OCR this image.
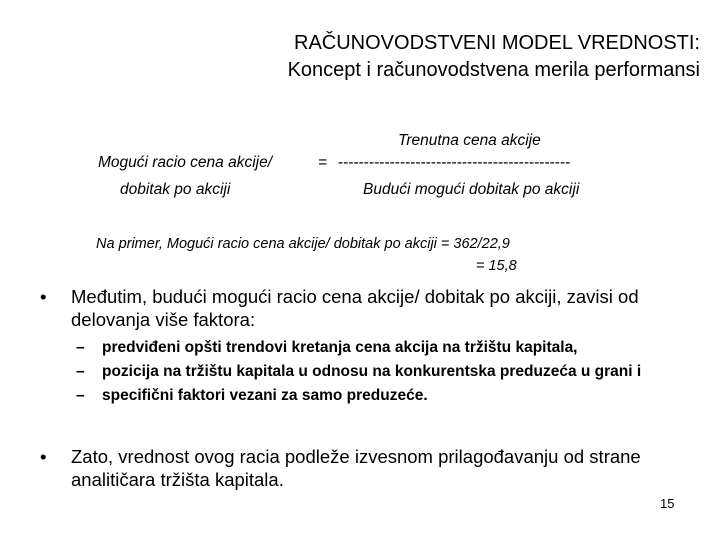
RAČUNOVODSTVENI MODEL VREDNOSTI:
Koncept i računovodstvena merila performansi
Trenutna cena akcije
Mogući racio cena akcije/	= ---------------------------------------------
dobitak po akciji	Budući mogući dobitak po akciji
Na primer, Mogući racio cena akcije/ dobitak po akciji = 362/22,9
= 15,8
• Međutim, budući mogući racio cena akcije/ dobitak po akciji, zavisi od
delovanja više faktora:
– predviđeni opšti trendovi kretanja cena akcija na tržištu kapitala,
– pozicija na tržištu kapitala u odnosu na konkurentska preduzeća u grani i
– specifični faktori vezani za samo preduzeće.
• Zato, vrednost ovog racia podleže izvesnom prilagođavanju od strane
analitičara tržišta kapitala.
15
